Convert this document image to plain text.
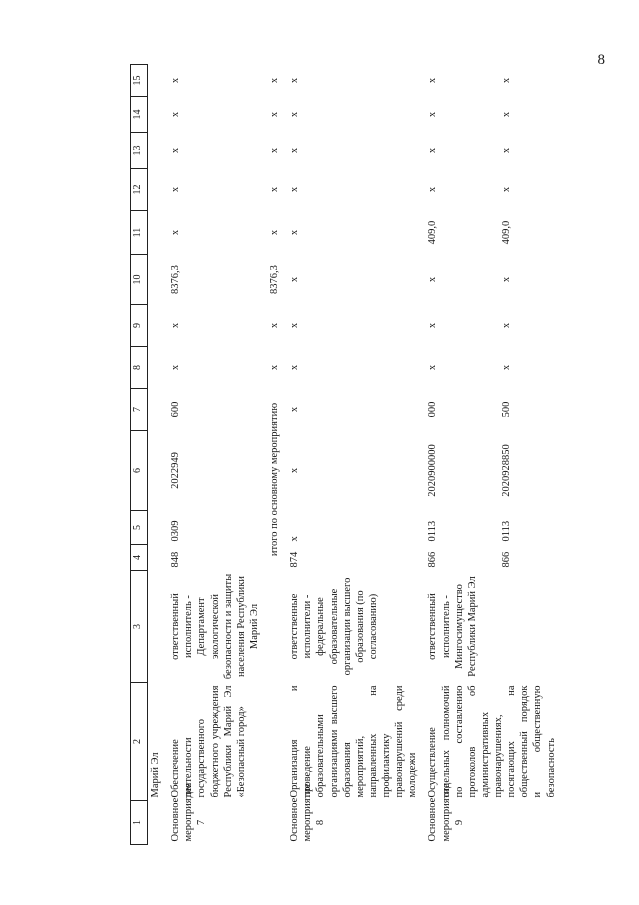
8
1	2	3	4	5	6	7	8	9	10	11	12	13	14	15
	Марий Эл													
Основное мероприятие 7	Обеспечение деятельности государственного бюджетного учреждения Республики Марий Эл «Безопасный город»	ответственный исполнитель - Департамент экологической безопасности и защиты населения Республики Марий Эл	848	0309	2022949	600	x	x	8376,3	x	x	x	x	x
			итого по основному мероприятию				x	x	8376,3	x	x	x	x	x
Основное мероприятие 8	Организация и проведение образовательными организациями высшего образования мероприятий, направленных на профилактику правонарушений среди молодежи	ответственные исполнители - федеральные образовательные организации высшего образования (по согласованию)	874	x	x	x	x	x	x	x	x	x	x	x
Основное мероприятие 9	Осуществление отдельных полномочий по составлению протоколов об административных правонарушениях, посягающих на общественный порядок и общественную безопасность	ответственный исполнитель - Мингосимущество Республики Марий Эл	866	0113	2020900000	000	x	x	x	409,0	x	x	x	x
			866	0113	2020928850	500	x	x	x	409,0	x	x	x	x
